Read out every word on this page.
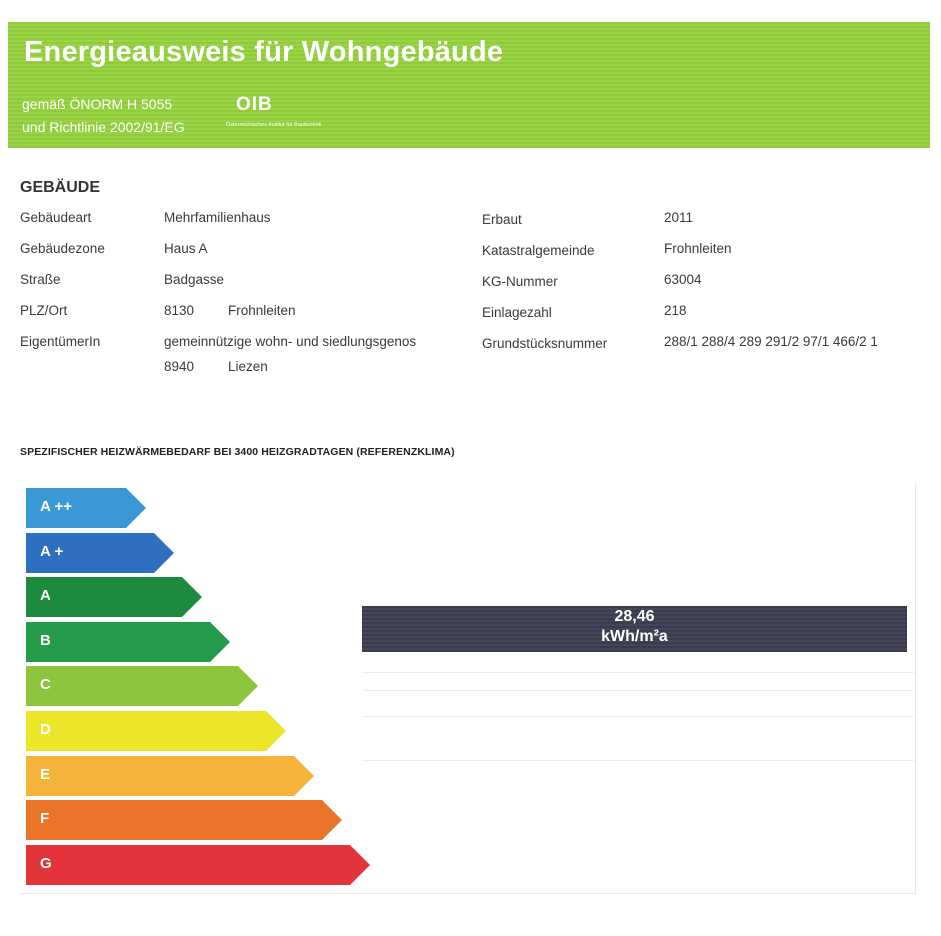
Energieausweis für Wohngebäude
gemäß ÖNORM H 5055
und Richtlinie 2002/91/EG
OIB
Österreichisches Institut für Bautechnik
GEBÄUDE
Gebäudeart	Mehrfamilienhaus
Gebäudezone	Haus A
Straße	Badgasse
PLZ/Ort	8130	Frohnleiten
EigentümerIn	gemeinnützige wohn- und siedlungsgenos
8940	Liezen
Erbaut	2011
Katastralgemeinde	Frohnleiten
KG-Nummer	63004
Einlagezahl	218
Grundstücksnummer	288/1 288/4 289 291/2 97/1 466/2 1
SPEZIFISCHER HEIZWÄRMEBEDARF BEI 3400 HEIZGRADTAGEN (REFERENZKLIMA)
A ++
A +
A
B
C
D
E
F
G
28,46
kWh/m²a
